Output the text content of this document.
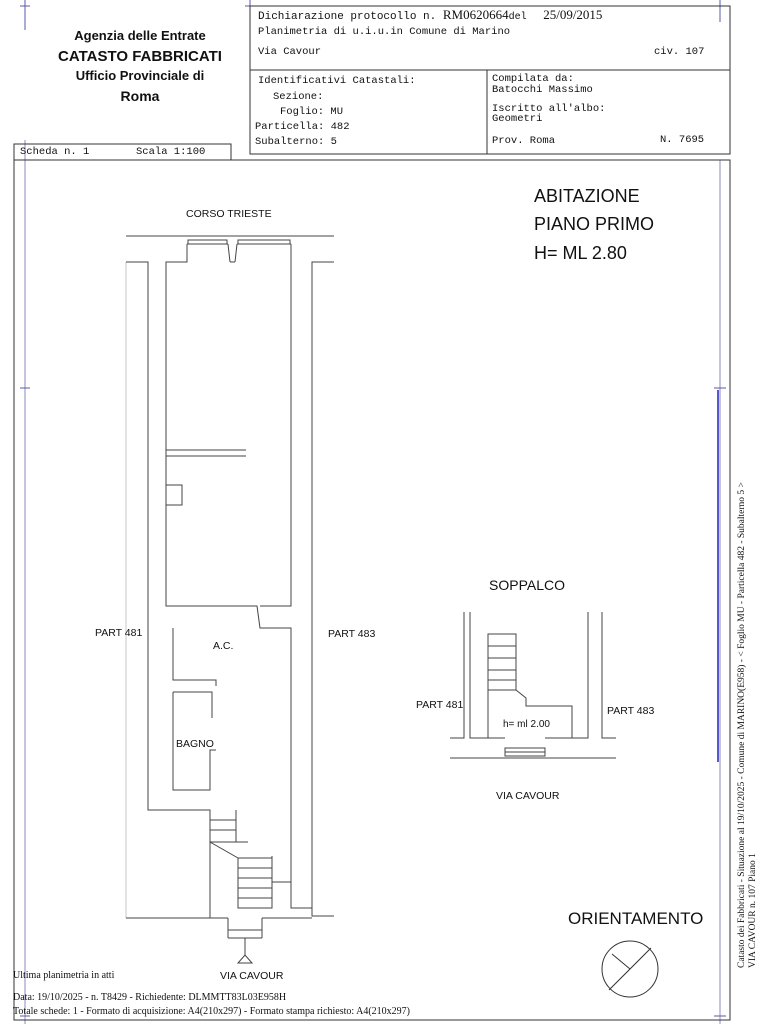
Agenzia delle Entrate
CATASTO FABBRICATI
Ufficio Provinciale di
Roma
Dichiarazione protocollo n. RM0620664del 25/09/2015
Planimetria di u.i.u.in Comune di Marino
Via Cavour	civ. 107
Identificativi Catastali:
Sezione:
Foglio: MU
Particella: 482
Subalterno: 5
Compilata da:
Batocchi Massimo
Iscritto all'albo:
Geometri
Prov. Roma	N. 7695
Scheda n. 1	Scala 1:100
ABITAZIONE
PIANO PRIMO
H= ML 2.80
CORSO TRIESTE
PART 481	PART 483
A.C.
BAGNO
VIA CAVOUR
SOPPALCO
PART 481	PART 483
h= ml 2.00
VIA CAVOUR
ORIENTAMENTO	Catasto dei Fabbricati - Situazione al 19/10/2025 - Comune di MARINO(E958) - < Foglio MU - Particella 482 - Subalterno 5 > VIA CAVOUR n. 107 Piano 1
Ultima planimetria in atti
Data: 19/10/2025 - n. T8429 - Richiedente: DLMMTT83L03E958H
Totale schede: 1 - Formato di acquisizione: A4(210x297) - Formato stampa richiesto: A4(210x297)
